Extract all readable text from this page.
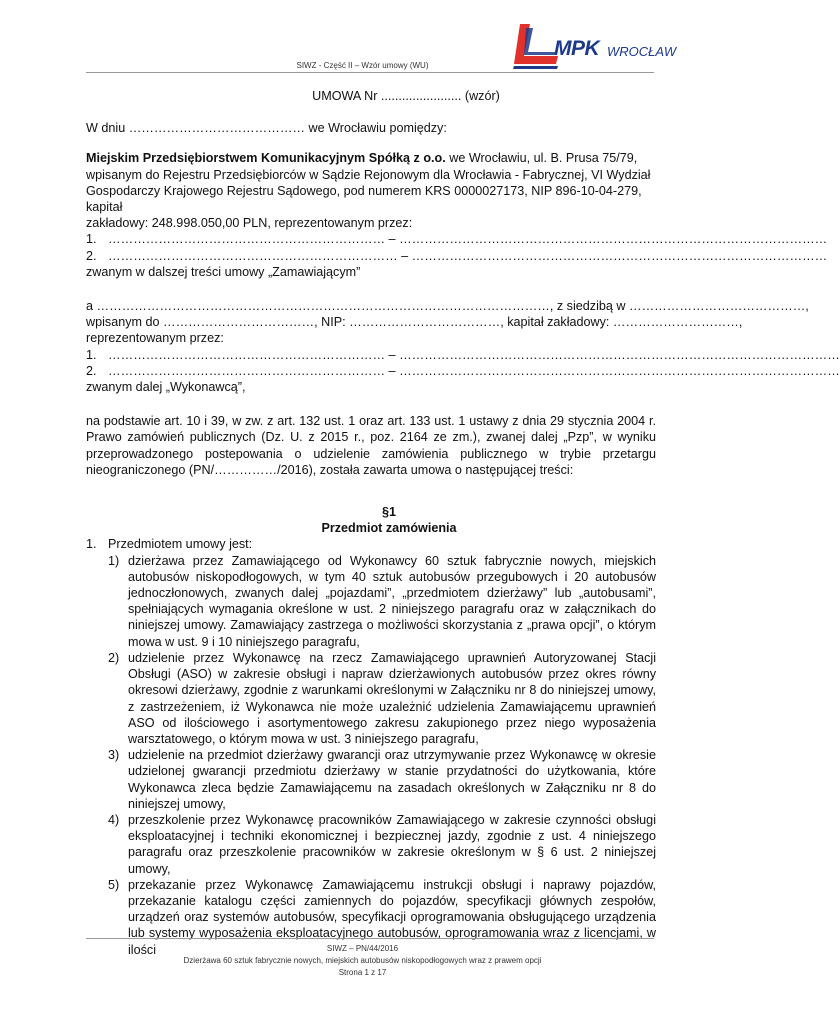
SIWZ - Część II – Wzór umowy (WU)
MPK WROCŁAW

UMOWA Nr ....................... (wzór)

W dniu …………………………………… we Wrocławiu pomiędzy:

Miejskim Przedsiębiorstwem Komunikacyjnym Spółką z o.o. we Wrocławiu, ul. B. Prusa 75/79,

wpisanym do Rejestru Przedsiębiorców w Sądzie Rejonowym dla Wrocławia - Fabrycznej, VI Wydział

Gospodarczy Krajowego Rejestru Sądowego, pod numerem KRS 0000027173, NIP 896-10-04-279, kapitał

zakładowy: 248.998.050,00 PLN, reprezentowanym przez:

1. ………………………………………………………… – …………………………………………………………………………………………
2. …………………………………………………………… – ………………………………………………………………………………………

zwanym w dalszej treści umowy „Zamawiającym”

a ………………………………………………………………………………………………, z siedzibą w ……………………………………,

wpisanym do ………………………………, NIP: ………………………………, kapitał zakładowy: …………………………,

reprezentowanym przez:

1. ………………………………………………………… – ……………………………………………………………………………………………
2. ………………………………………………………… – ……………………………………………………………………………………………

zwanym dalej „Wykonawcą”,

na podstawie art. 10 i 39, w zw. z art. 132 ust. 1 oraz art. 133 ust. 1 ustawy z dnia 29 stycznia 2004 r. Prawo zamówień publicznych (Dz. U. z 2015 r., poz. 2164 ze zm.), zwanej dalej „Pzp”, w wyniku przeprowadzonego postepowania o udzielenie zamówienia publicznego w trybie przetargu nieograniczonego (PN/……………/2016), została zawarta umowa o następującej treści:

§1

Przedmiot zamówienia

1. Przedmiotem umowy jest:
1) dzierżawa przez Zamawiającego od Wykonawcy 60 sztuk fabrycznie nowych, miejskich autobusów niskopodłogowych, w tym 40 sztuk autobusów przegubowych i 20 autobusów jednoczłonowych, zwanych dalej „pojazdami”, „przedmiotem dzierżawy” lub „autobusami”, spełniających wymagania określone w ust. 2 niniejszego paragrafu oraz w załącznikach do niniejszej umowy. Zamawiający zastrzega o możliwości skorzystania z „prawa opcji”, o którym mowa w ust. 9 i 10 niniejszego paragrafu,
2) udzielenie przez Wykonawcę na rzecz Zamawiającego uprawnień Autoryzowanej Stacji Obsługi (ASO) w zakresie obsługi i napraw dzierżawionych autobusów przez okres równy okresowi dzierżawy, zgodnie z warunkami określonymi w Załączniku nr 8 do niniejszej umowy, z zastrzeżeniem, iż Wykonawca nie może uzależnić udzielenia Zamawiającemu uprawnień ASO od ilościowego i asortymentowego zakresu zakupionego przez niego wyposażenia warsztatowego, o którym mowa w ust. 3 niniejszego paragrafu,
3) udzielenie na przedmiot dzierżawy gwarancji oraz utrzymywanie przez Wykonawcę w okresie udzielonej gwarancji przedmiotu dzierżawy w stanie przydatności do użytkowania, które Wykonawca zleca będzie Zamawiającemu na zasadach określonych w Załączniku nr 8 do niniejszej umowy,
4) przeszkolenie przez Wykonawcę pracowników Zamawiającego w zakresie czynności obsługi eksploatacyjnej i techniki ekonomicznej i bezpiecznej jazdy, zgodnie z ust. 4 niniejszego paragrafu oraz przeszkolenie pracowników w zakresie określonym w § 6 ust. 2 niniejszej umowy,
5) przekazanie przez Wykonawcę Zamawiającemu instrukcji obsługi i naprawy pojazdów, przekazanie katalogu części zamiennych do pojazdów, specyfikacji głównych zespołów, urządzeń oraz systemów autobusów, specyfikacji oprogramowania obsługującego urządzenia lub systemy wyposażenia eksploatacyjnego autobusów, oprogramowania wraz z licencjami, w ilości	SIWZ – PN/44/2016
Dzierżawa 60 sztuk fabrycznie nowych, miejskich autobusów niskopodłogowych wraz z prawem opcji
Strona 1 z 17
